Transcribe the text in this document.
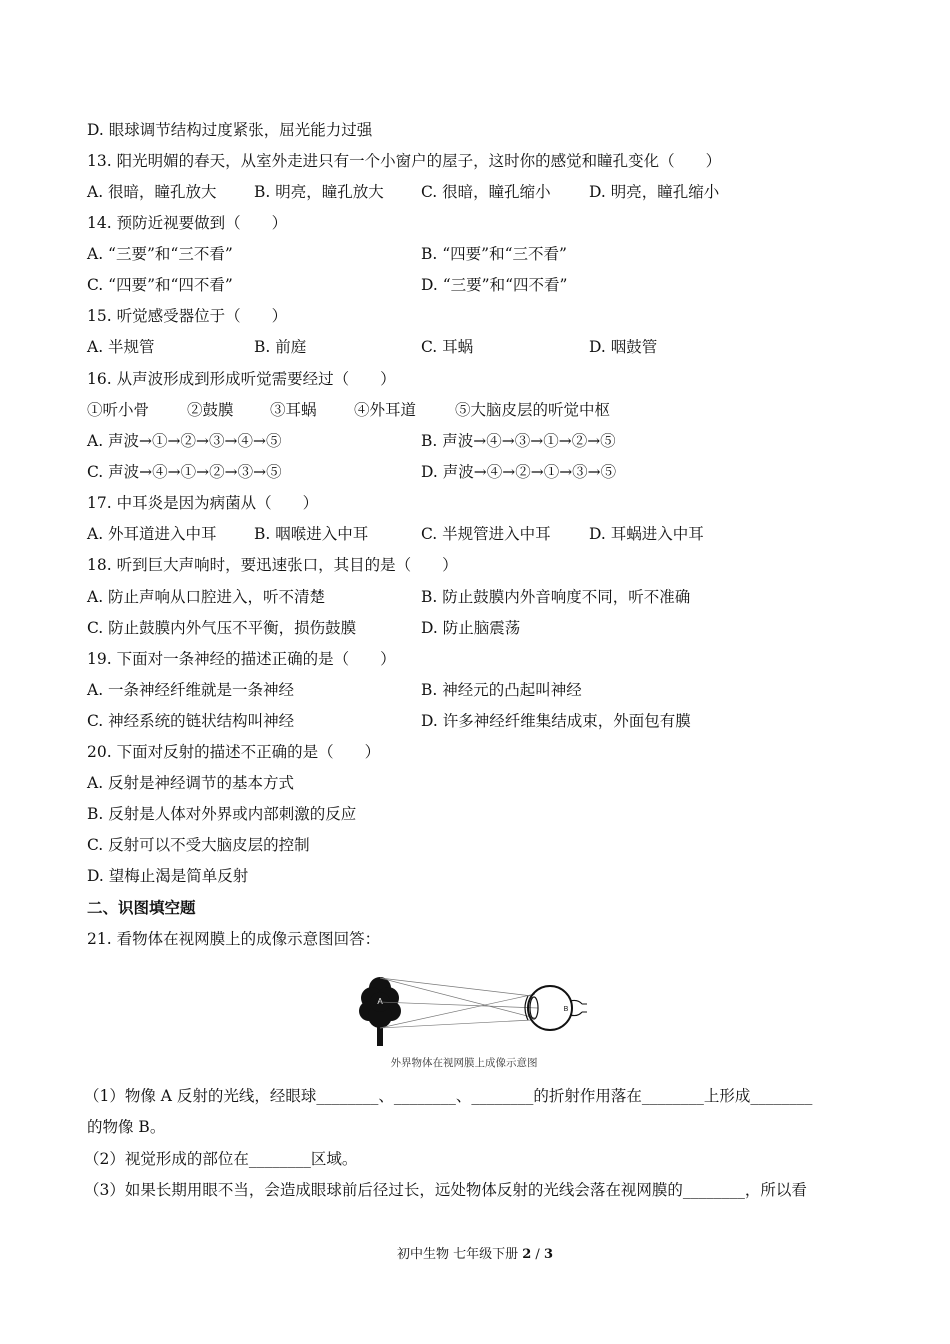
D. 眼球调节结构过度紧张，屈光能力过强
13. 阳光明媚的春天，从室外走进只有一个小窗户的屋子，这时你的感觉和瞳孔变化（　　）
A. 很暗，瞳孔放大 B. 明亮，瞳孔放大 C. 很暗，瞳孔缩小 D. 明亮，瞳孔缩小
14. 预防近视要做到（　　）
A. “三要”和“三不看”	B. “四要”和“三不看”
C. “四要”和“四不看”	D. “三要”和“四不看”
15. 听觉感受器位于（　　）
A. 半规管	B. 前庭	C. 耳蜗	D. 咽鼓管
16. 从声波形成到形成听觉需要经过（　　）
①听小骨 ②鼓膜 ③耳蜗 ④外耳道	⑤大脑皮层的听觉中枢
A. 声波→①→②→③→④→⑤	B. 声波→④→③→①→②→⑤
C. 声波→④→①→②→③→⑤	D. 声波→④→②→①→③→⑤
17. 中耳炎是因为病菌从（　　）
A. 外耳道进入中耳 B. 咽喉进入中耳	C. 半规管进入中耳 D. 耳蜗进入中耳
18. 听到巨大声响时，要迅速张口，其目的是（　　）
A. 防止声响从口腔进入，听不清楚	B. 防止鼓膜内外音响度不同，听不准确
C. 防止鼓膜内外气压不平衡，损伤鼓膜	D. 防止脑震荡
19. 下面对一条神经的描述正确的是（　　）
A. 一条神经纤维就是一条神经	B. 神经元的凸起叫神经
C. 神经系统的链状结构叫神经	D. 许多神经纤维集结成束，外面包有膜
20. 下面对反射的描述不正确的是（　　）
A. 反射是神经调节的基本方式
B. 反射是人体对外界或内部刺激的反应
C. 反射可以不受大脑皮层的控制
D. 望梅止渴是简单反射
二、识图填空题
21. 看物体在视网膜上的成像示意图回答：
A
B
外界物体在视网膜上成像示意图
（1）物像 A 反射的光线，经眼球________、________、________的折射作用落在________上形成________
的物像 B。
（2）视觉形成的部位在________区域。
（3）如果长期用眼不当，会造成眼球前后径过长，远处物体反射的光线会落在视网膜的________，所以看
初中生物 七年级下册 2 / 3
